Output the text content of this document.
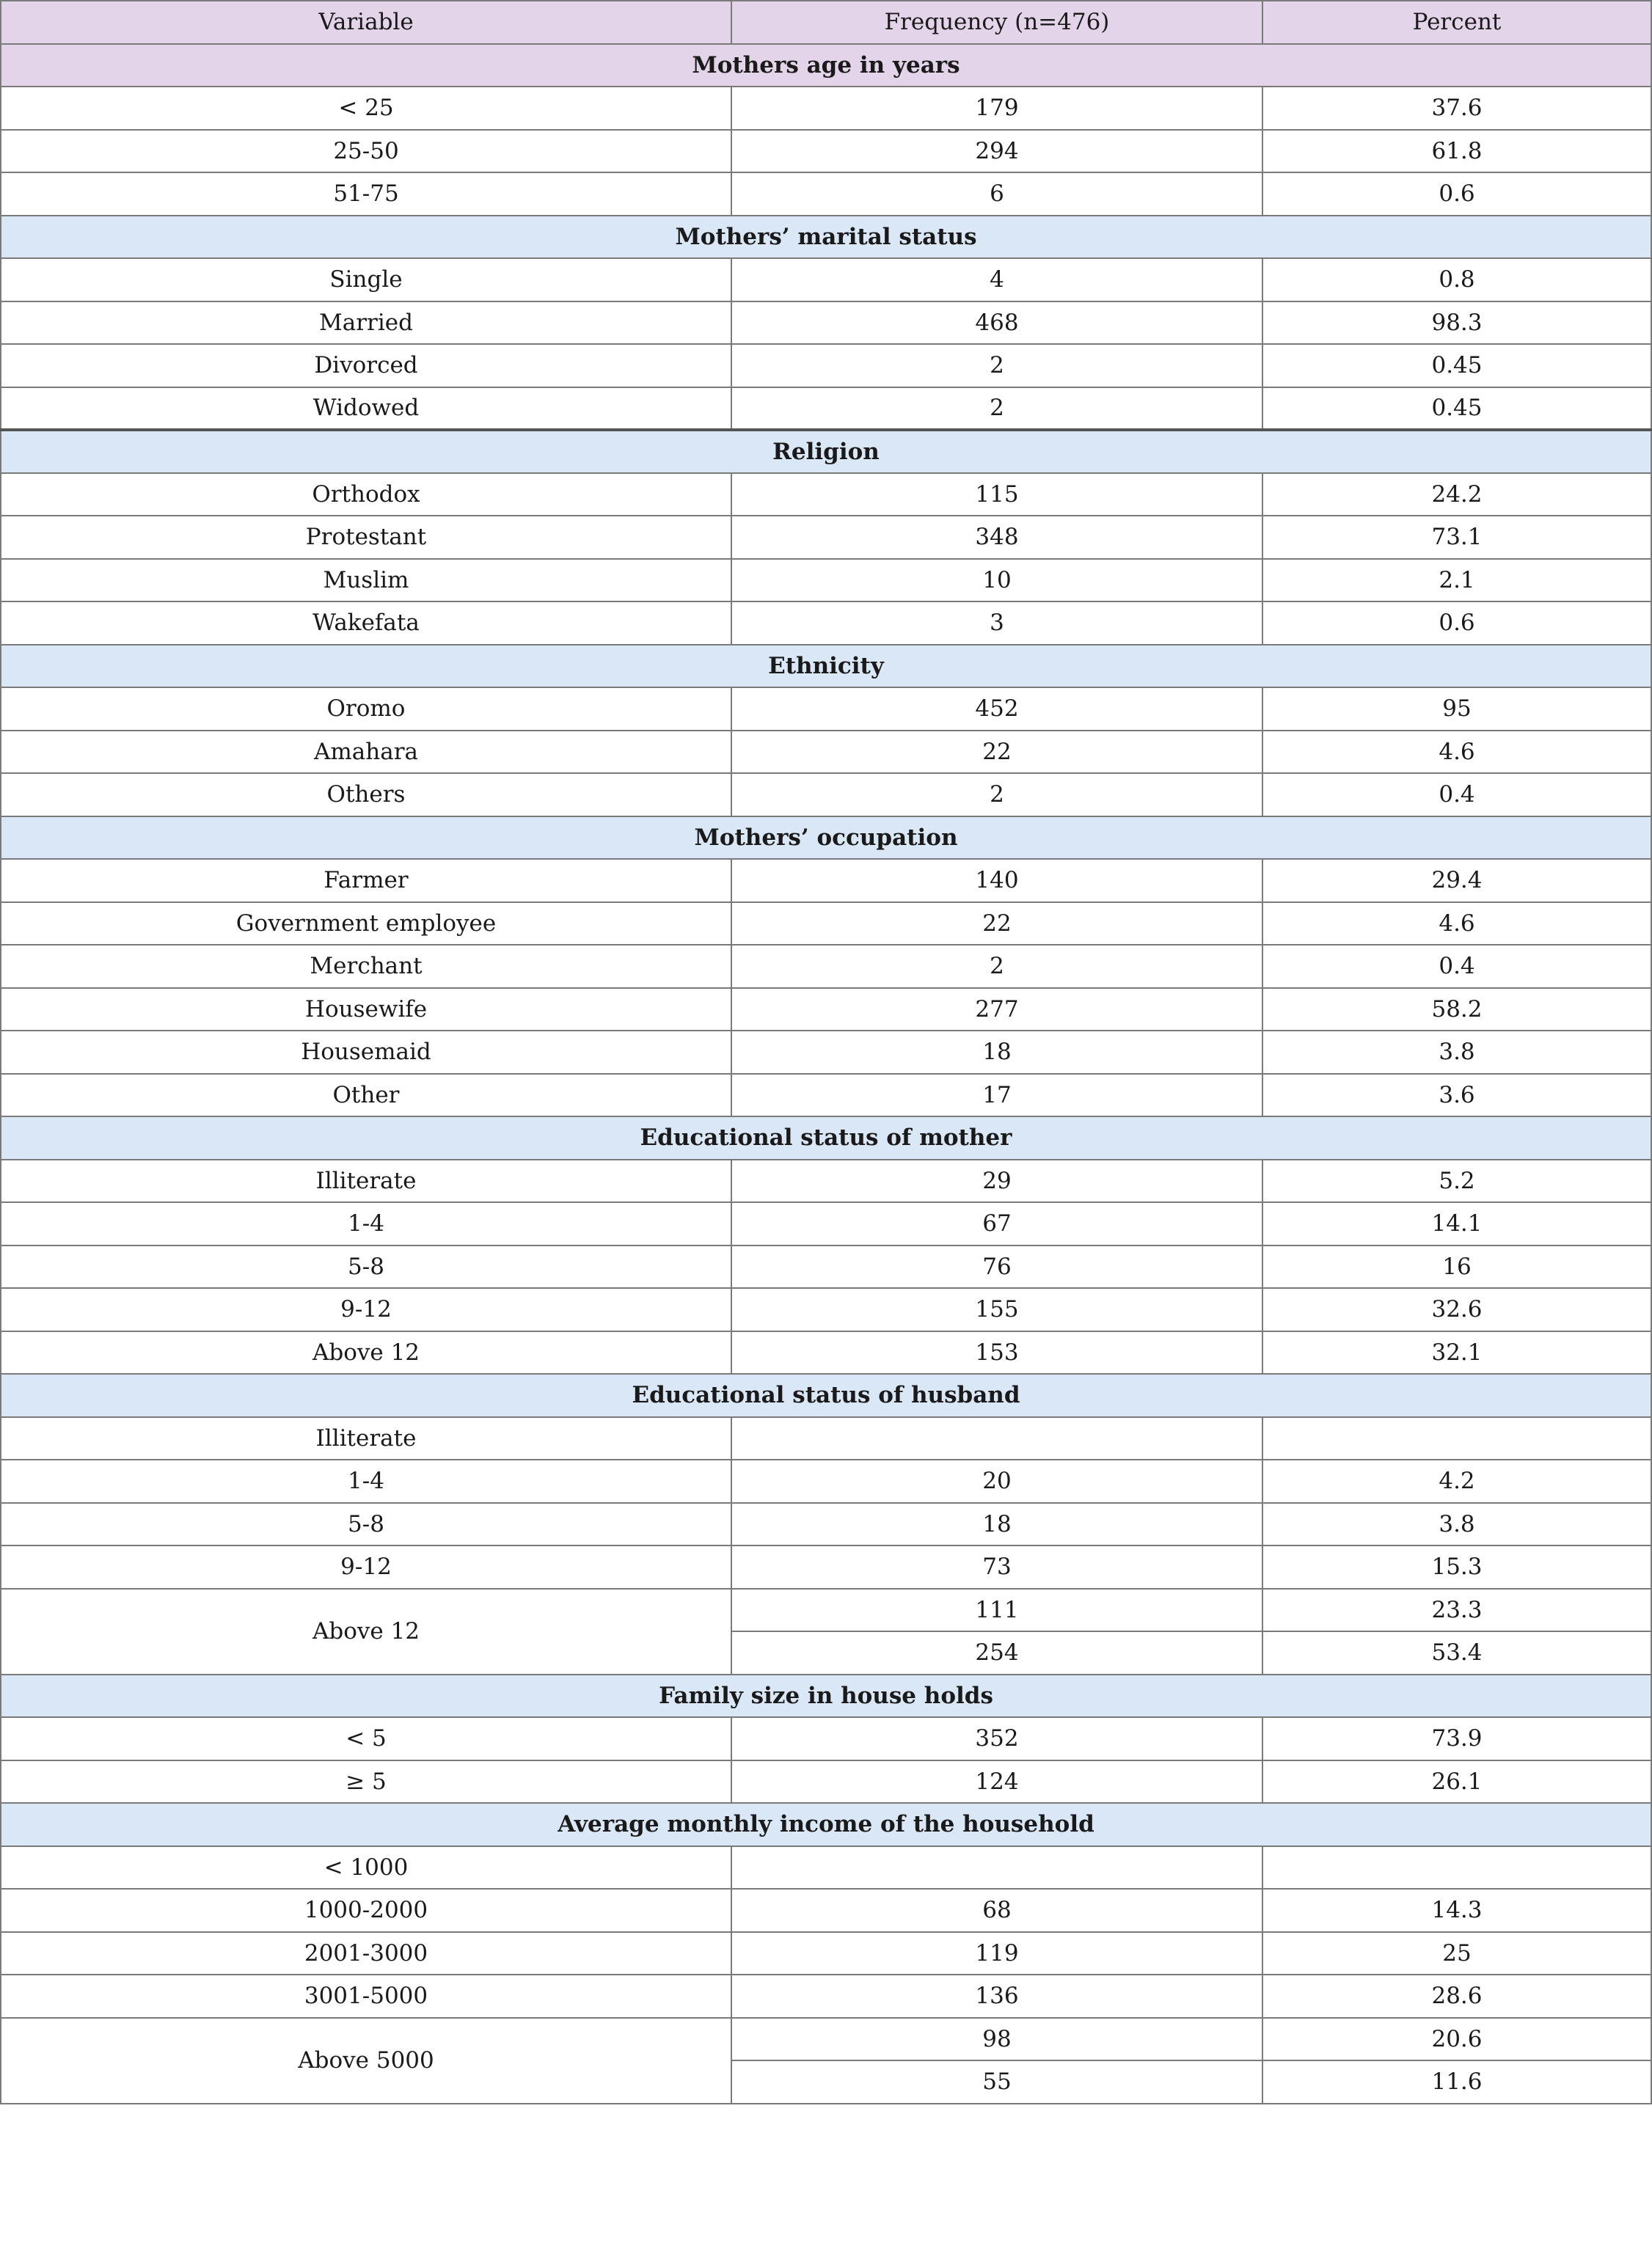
Variable	Frequency (n=476)	Percent
Mothers age in years		
< 25	179	37.6
25-50	294	61.8
51-75	6	0.6
Mothers’ marital status		
Single	4	0.8
Married	468	98.3
Divorced	2	0.45
Widowed	2	0.45
Religion		
Orthodox	115	24.2
Protestant	348	73.1
Muslim	10	2.1
Wakefata	3	0.6
Ethnicity		
Oromo	452	95
Amahara	22	4.6
Others	2	0.4
Mothers’ occupation		
Farmer	140	29.4
Government employee	22	4.6
Merchant	2	0.4
Housewife	277	58.2
Housemaid	18	3.8
Other	17	3.6
Educational status of mother		
Illiterate	29	5.2
1-4	67	14.1
5-8	76	16
9-12	155	32.6
Above 12	153	32.1
Educational status of husband		
Illiterate		
1-4	20	4.2
5-8	18	3.8
9-12	73	15.3
Above 12	111	23.3
	254	53.4
Family size in house holds		
< 5	352	73.9
≥ 5	124	26.1
Average monthly income of the household		
< 1000		
1000-2000	68	14.3
2001-3000	119	25
3001-5000	136	28.6
Above 5000	98	20.6
	55	11.6
